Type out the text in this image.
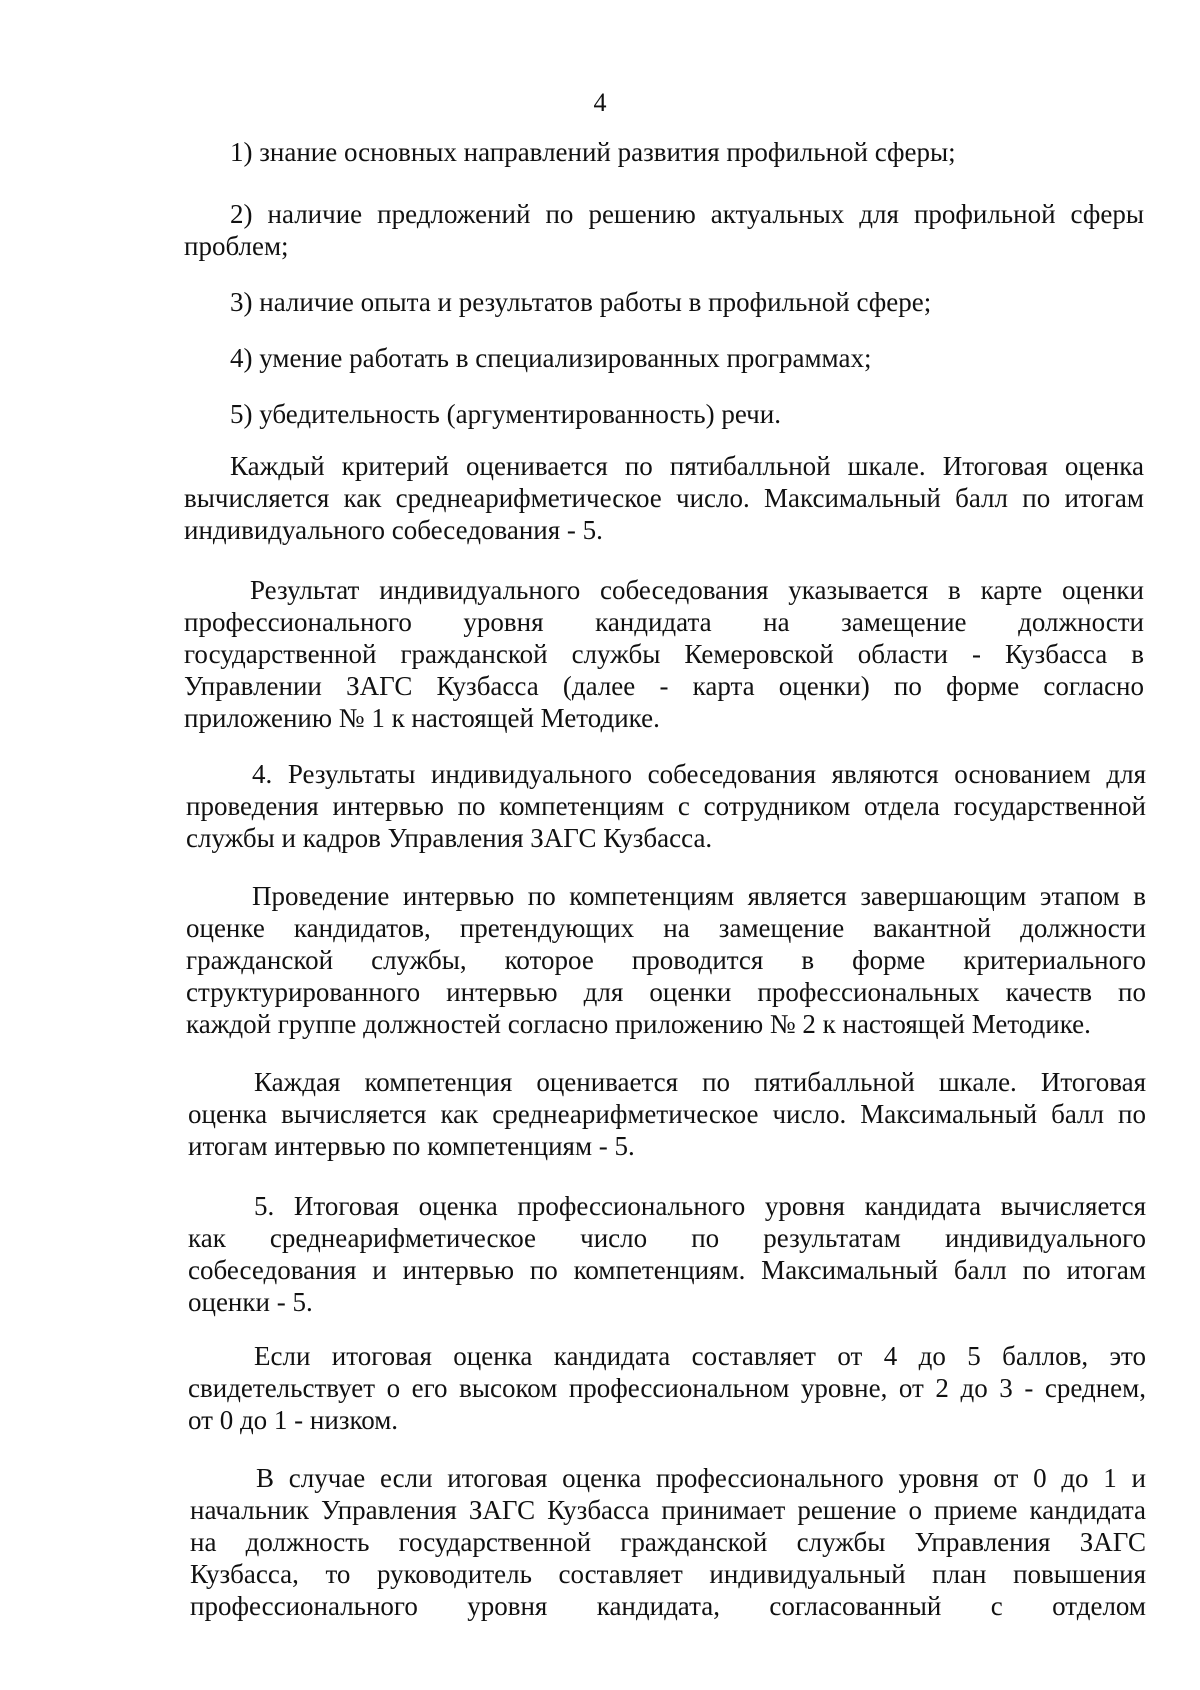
4
1) знание основных направлений развития профильной сферы;
2) наличие предложений по решению актуальных для профильной сферы
проблем;
3) наличие опыта и результатов работы в профильной сфере;
4) умение работать в специализированных программах;
5) убедительность (аргументированность) речи.
Каждый критерий оценивается по пятибалльной шкале. Итоговая оценка
вычисляется как среднеарифметическое число. Максимальный балл по итогам
индивидуального собеседования - 5.
Результат индивидуального собеседования указывается в карте оценки
профессионального уровня кандидата на замещение должности
государственной гражданской службы Кемеровской области - Кузбасса в
Управлении ЗАГС Кузбасса (далее - карта оценки) по форме согласно
приложению № 1 к настоящей Методике.
4. Результаты индивидуального собеседования являются основанием для
проведения интервью по компетенциям с сотрудником отдела государственной
службы и кадров Управления ЗАГС Кузбасса.
Проведение интервью по компетенциям является завершающим этапом в
оценке кандидатов, претендующих на замещение вакантной должности
гражданской службы, которое проводится в форме критериального
структурированного интервью для оценки профессиональных качеств по
каждой группе должностей согласно приложению № 2 к настоящей Методике.
Каждая компетенция оценивается по пятибалльной шкале. Итоговая
оценка вычисляется как среднеарифметическое число. Максимальный балл по
итогам интервью по компетенциям - 5.
5. Итоговая оценка профессионального уровня кандидата вычисляется
как среднеарифметическое число по результатам индивидуального
собеседования и интервью по компетенциям. Максимальный балл по итогам
оценки - 5.
Если итоговая оценка кандидата составляет от 4 до 5 баллов, это
свидетельствует о его высоком профессиональном уровне, от 2 до 3 - среднем,
от 0 до 1 - низком.
В случае если итоговая оценка профессионального уровня от 0 до 1 и
начальник Управления ЗАГС Кузбасса принимает решение о приеме кандидата
на должность государственной гражданской службы Управления ЗАГС
Кузбасса, то руководитель составляет индивидуальный план повышения
профессионального уровня кандидата, согласованный с отделом
